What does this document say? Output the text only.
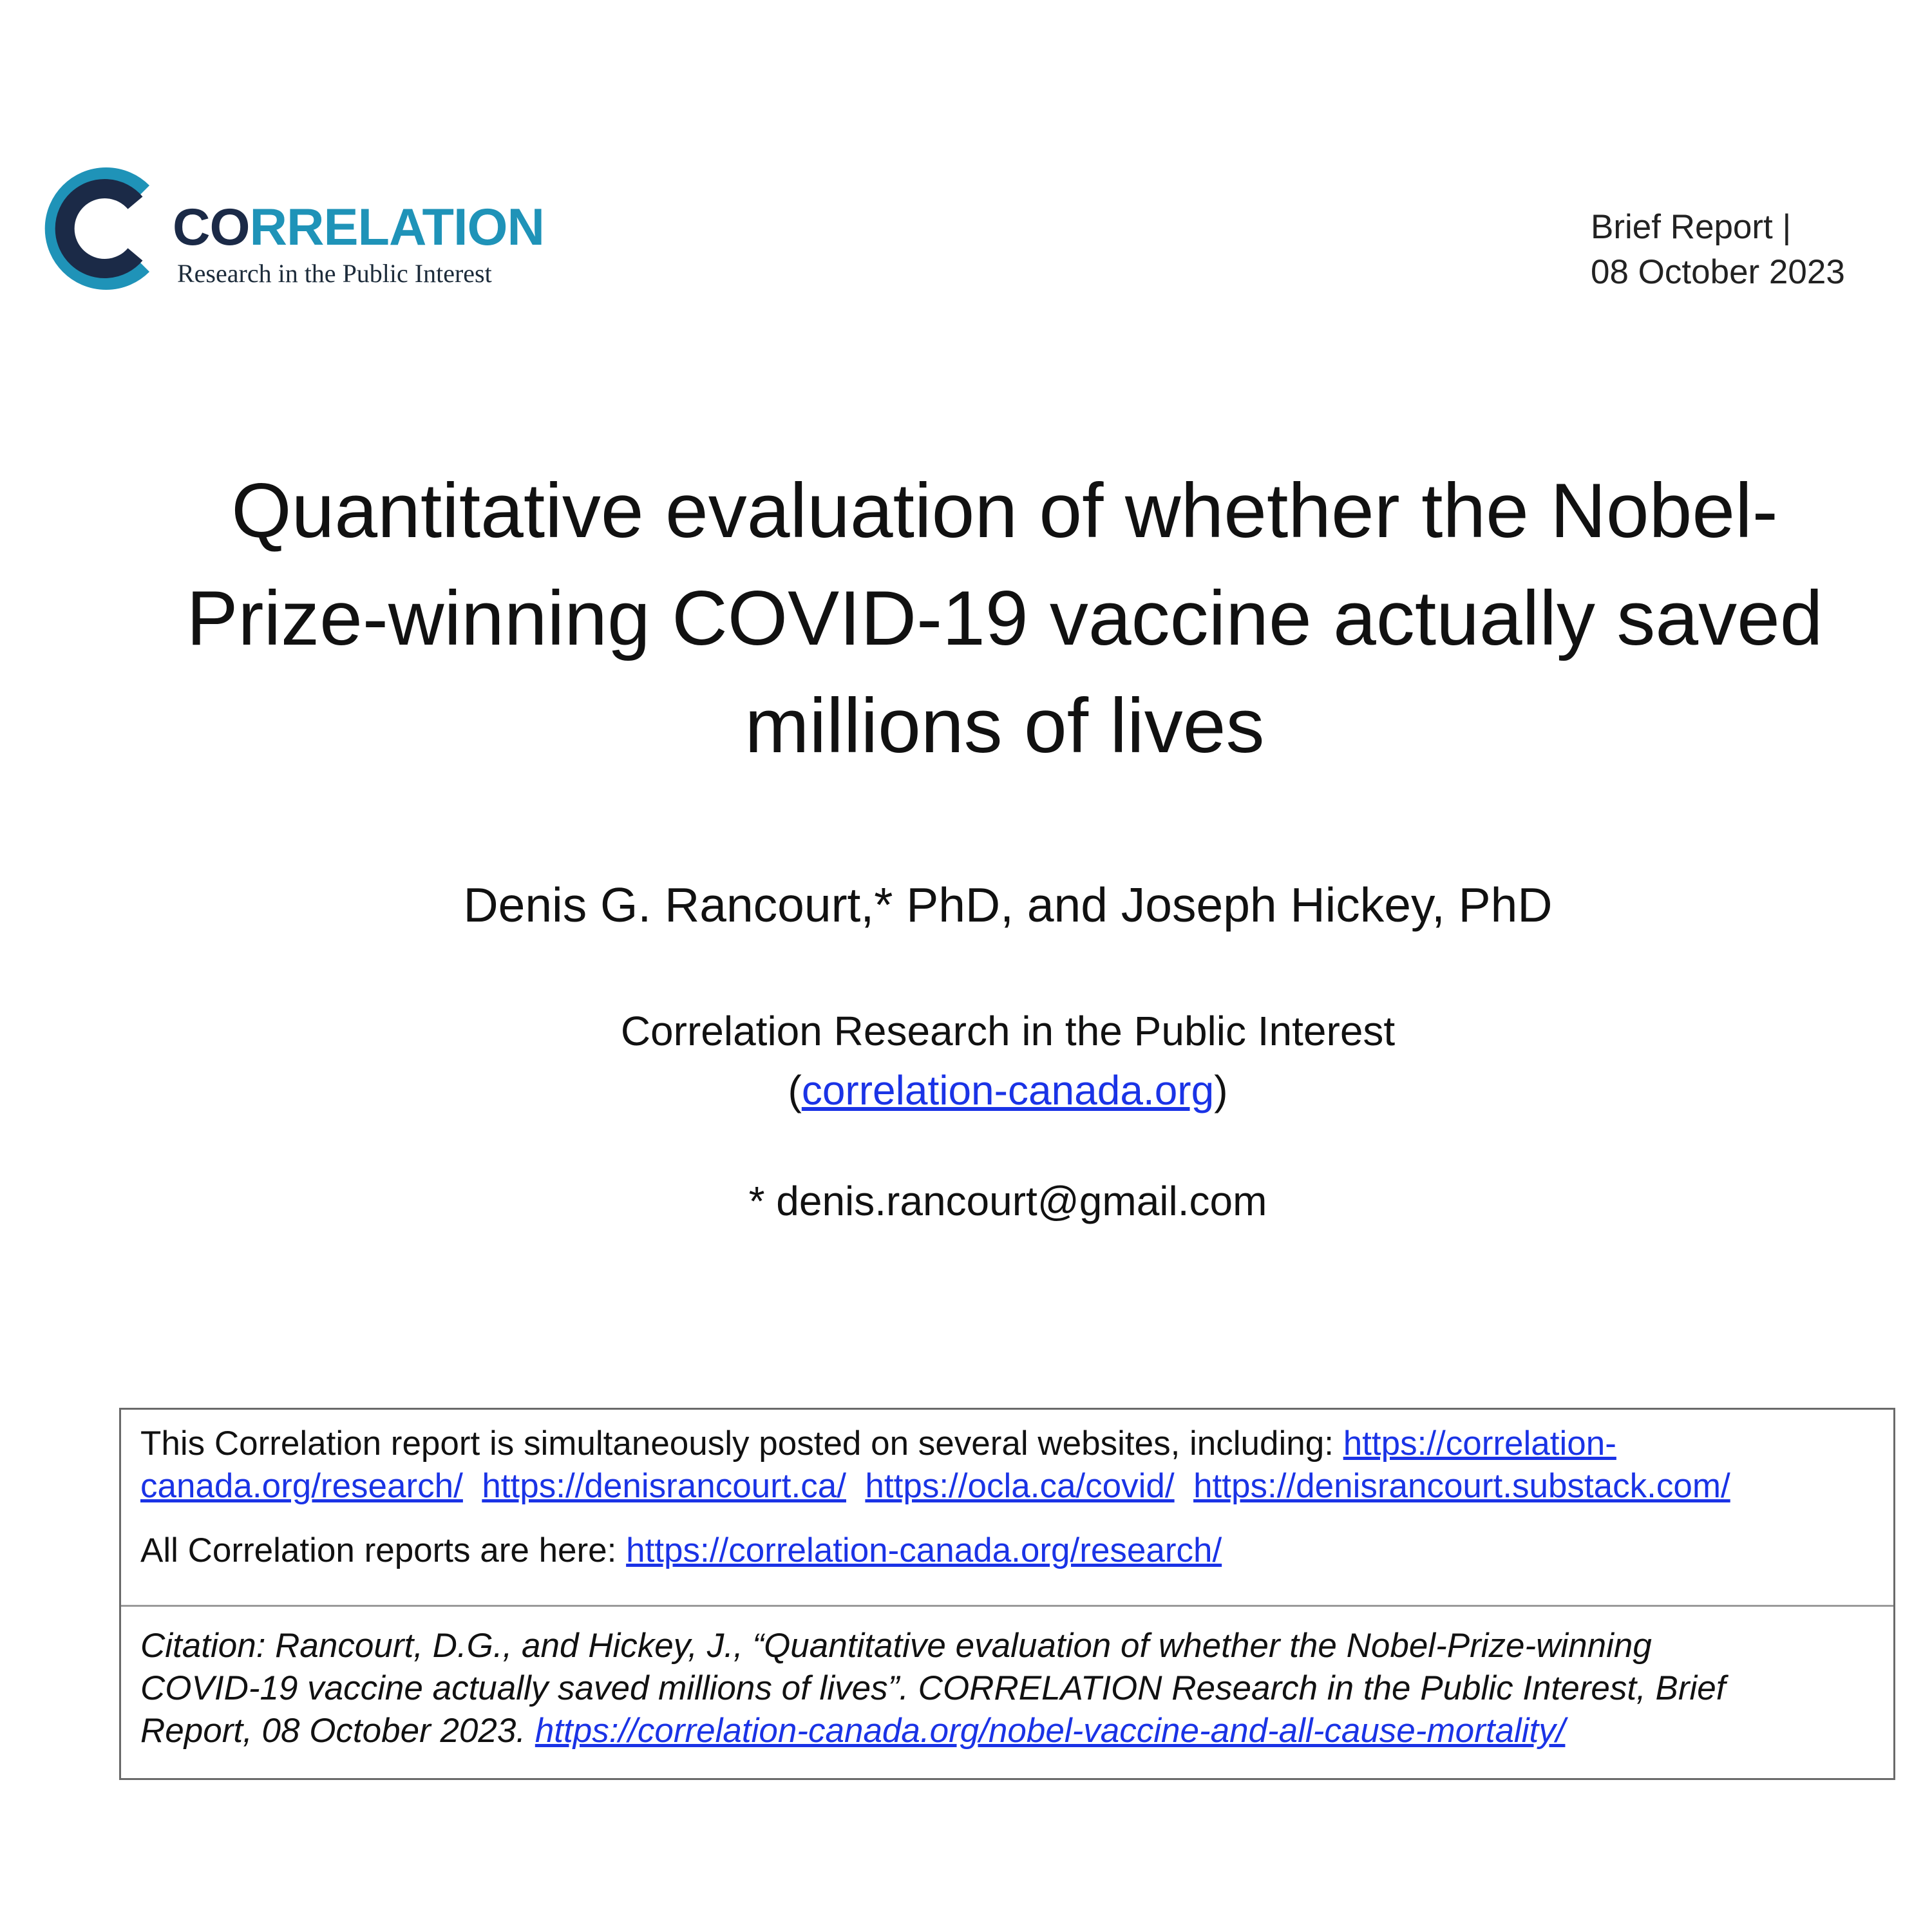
CORRELATION
Research in the Public Interest
Brief Report |
08 October 2023
Quantitative evaluation of whether the Nobel-
Prize-winning COVID-19 vaccine actually saved
millions of lives
Denis G. Rancourt,* PhD, and Joseph Hickey, PhD
Correlation Research in the Public Interest
(correlation-canada.org)
* denis.rancourt@gmail.com

This Correlation report is simultaneously posted on several websites, including: https://correlation-
canada.org/research/ https://denisrancourt.ca/ https://ocla.ca/covid/ https://denisrancourt.substack.com/

All Correlation reports are here: https://correlation-canada.org/research/

Citation: Rancourt, D.G., and Hickey, J., “Quantitative evaluation of whether the Nobel-Prize-winning
COVID-19 vaccine actually saved millions of lives”. CORRELATION Research in the Public Interest, Brief
Report, 08 October 2023. https://correlation-canada.org/nobel-vaccine-and-all-cause-mortality/
